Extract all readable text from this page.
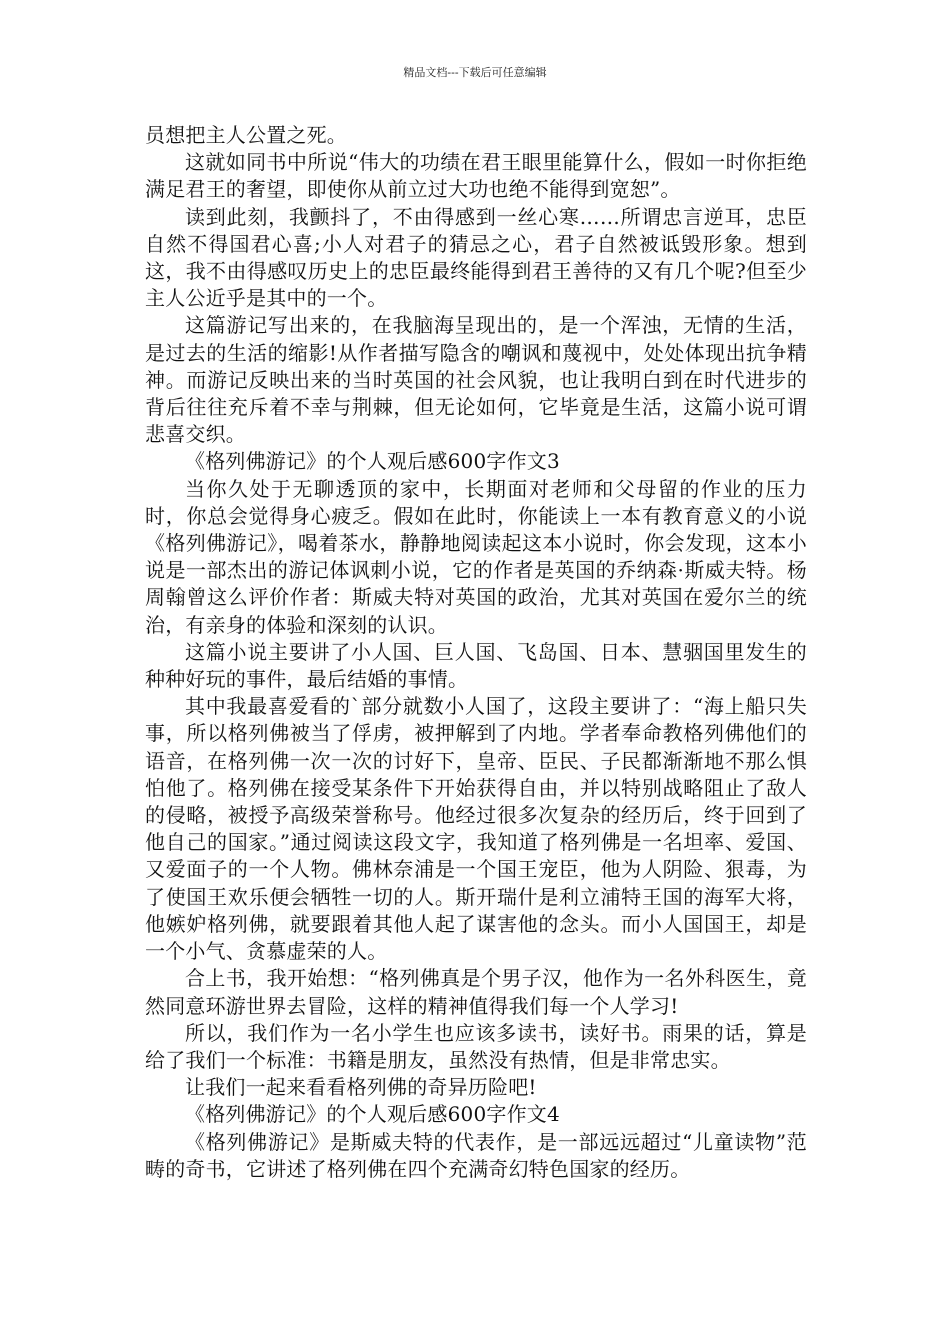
精品文档---下载后可任意编辑

员想把主人公置之死。

这就如同书中所说“伟大的功绩在君王眼里能算什么，假如一时你拒绝满足君王的奢望，即使你从前立过大功也绝不能得到宽恕”。

读到此刻，我颤抖了，不由得感到一丝心寒……所谓忠言逆耳，忠臣自然不得国君心喜;小人对君子的猜忌之心，君子自然被诋毁形象。想到这，我不由得感叹历史上的忠臣最终能得到君王善待的又有几个呢?但至少主人公近乎是其中的一个。

这篇游记写出来的，在我脑海呈现出的，是一个浑浊，无情的生活，是过去的生活的缩影!从作者描写隐含的嘲讽和蔑视中，处处体现出抗争精神。而游记反映出来的当时英国的社会风貌，也让我明白到在时代进步的背后往往充斥着不幸与荆棘，但无论如何，它毕竟是生活，这篇小说可谓悲喜交织。

《格列佛游记》的个人观后感600字作文3

当你久处于无聊透顶的家中，长期面对老师和父母留的作业的压力时，你总会觉得身心疲乏。假如在此时，你能读上一本有教育意义的小说《格列佛游记》，喝着茶水，静静地阅读起这本小说时，你会发现，这本小说是一部杰出的游记体讽刺小说，它的作者是英国的乔纳森·斯威夫特。杨周翰曾这么评价作者：斯威夫特对英国的政治，尤其对英国在爱尔兰的统治，有亲身的体验和深刻的认识。

这篇小说主要讲了小人国、巨人国、飞岛国、日本、慧骃国里发生的种种好玩的事件，最后结婚的事情。

其中我最喜爱看的`部分就数小人国了，这段主要讲了：“海上船只失事，所以格列佛被当了俘虏，被押解到了内地。学者奉命教格列佛他们的语音，在格列佛一次一次的讨好下，皇帝、臣民、子民都渐渐地不那么惧怕他了。格列佛在接受某条件下开始获得自由，并以特别战略阻止了敌人的侵略，被授予高级荣誉称号。他经过很多次复杂的经历后，终于回到了他自己的国家。”通过阅读这段文字，我知道了格列佛是一名坦率、爱国、又爱面子的一个人物。佛林奈浦是一个国王宠臣，他为人阴险、狠毒，为了使国王欢乐便会牺牲一切的人。斯开瑞什是利立浦特王国的海军大将，他嫉妒格列佛，就要跟着其他人起了谋害他的念头。而小人国国王，却是一个小气、贪慕虚荣的人。

合上书，我开始想：“格列佛真是个男子汉，他作为一名外科医生，竟然同意环游世界去冒险，这样的精神值得我们每一个人学习!

所以，我们作为一名小学生也应该多读书，读好书。雨果的话，算是给了我们一个标准：书籍是朋友，虽然没有热情，但是非常忠实。

让我们一起来看看格列佛的奇异历险吧!

《格列佛游记》的个人观后感600字作文4

《格列佛游记》是斯威夫特的代表作，是一部远远超过“儿童读物”范畴的奇书，它讲述了格列佛在四个充满奇幻特色国家的经历。
